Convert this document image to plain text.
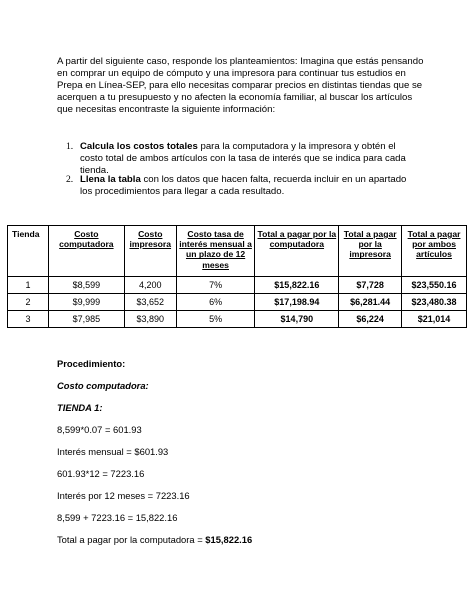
A partir del siguiente caso, responde los planteamientos: Imagina que estás pensando en comprar un equipo de cómputo y una impresora para continuar tus estudios en Prepa en Línea-SEP, para ello necesitas comparar precios en distintas tiendas que se acerquen a tu presupuesto y no afecten la economía familiar, al buscar los artículos que necesitas encontraste la siguiente información:

1. Calcula los costos totales para la computadora y la impresora y obtén el costo total de ambos artículos con la tasa de interés que se indica para cada tienda.
2. Llena la tabla con los datos que hacen falta, recuerda incluir en un apartado los procedimientos para llegar a cada resultado.
Tienda	Costo computadora	Costo impresora	Costo tasa de interés mensual a un plazo de 12 meses	Total a pagar por la computadora	Total a pagar por la impresora	Total a pagar por ambos artículos
1	$8,599	4,200	7%	$15,822.16	$7,728	$23,550.16
2	$9,999	$3,652	6%	$17,198.94	$6,281.44	$23,480.38
3	$7,985	$3,890	5%	$14,790	$6,224	$21,014
Procedimiento:
Costo computadora:
TIENDA 1:
8,599*0.07 = 601.93
Interés mensual = $601.93
601.93*12 = 7223.16
Interés por 12 meses = 7223.16
8,599 + 7223.16 = 15,822.16
Total a pagar por la computadora = $15,822.16
